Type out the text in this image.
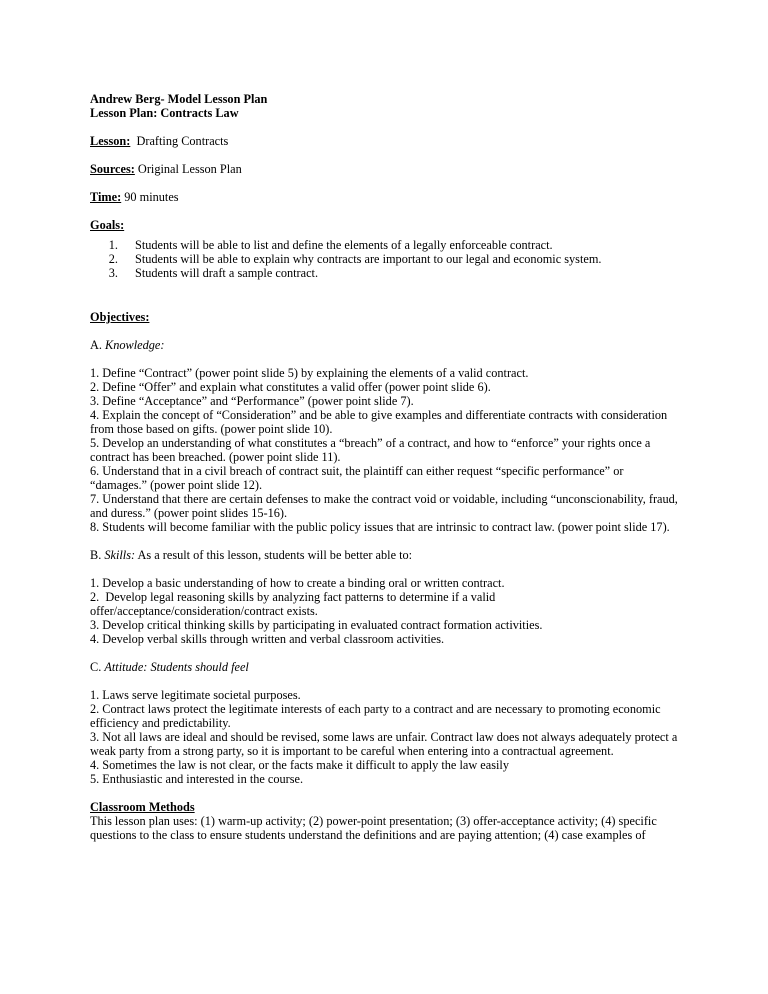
Andrew Berg- Model Lesson Plan

Lesson Plan: Contracts Law

Lesson:  Drafting Contracts

Sources: Original Lesson Plan

Time: 90 minutes

Goals:

1. Students will be able to list and define the elements of a legally enforceable contract.
2. Students will be able to explain why contracts are important to our legal and economic system.
3. Students will draft a sample contract.

Objectives:

A. Knowledge:

1. Define “Contract” (power point slide 5) by explaining the elements of a valid contract.

2. Define “Offer” and explain what constitutes a valid offer (power point slide 6).

3. Define “Acceptance” and “Performance” (power point slide 7).

4. Explain the concept of “Consideration” and be able to give examples and differentiate contracts with consideration from those based on gifts. (power point slide 10).

5. Develop an understanding of what constitutes a “breach” of a contract, and how to “enforce” your rights once a contract has been breached. (power point slide 11).

6. Understand that in a civil breach of contract suit, the plaintiff can either request “specific performance” or “damages.” (power point slide 12).

7. Understand that there are certain defenses to make the contract void or voidable, including “unconscionability, fraud, and duress.” (power point slides 15-16).

8. Students will become familiar with the public policy issues that are intrinsic to contract law. (power point slide 17).

B. Skills: As a result of this lesson, students will be better able to:

1. Develop a basic understanding of how to create a binding oral or written contract.

2.  Develop legal reasoning skills by analyzing fact patterns to determine if a valid offer/acceptance/consideration/contract exists.

3. Develop critical thinking skills by participating in evaluated contract formation activities.

4. Develop verbal skills through written and verbal classroom activities.

C. Attitude: Students should feel

1. Laws serve legitimate societal purposes.

2. Contract laws protect the legitimate interests of each party to a contract and are necessary to promoting economic efficiency and predictability.

3. Not all laws are ideal and should be revised, some laws are unfair. Contract law does not always adequately protect a weak party from a strong party, so it is important to be careful when entering into a contractual agreement.

4. Sometimes the law is not clear, or the facts make it difficult to apply the law easily

5. Enthusiastic and interested in the course.

Classroom Methods

This lesson plan uses: (1) warm-up activity; (2) power-point presentation; (3) offer-acceptance activity; (4) specific questions to the class to ensure students understand the definitions and are paying attention; (4) case examples of
